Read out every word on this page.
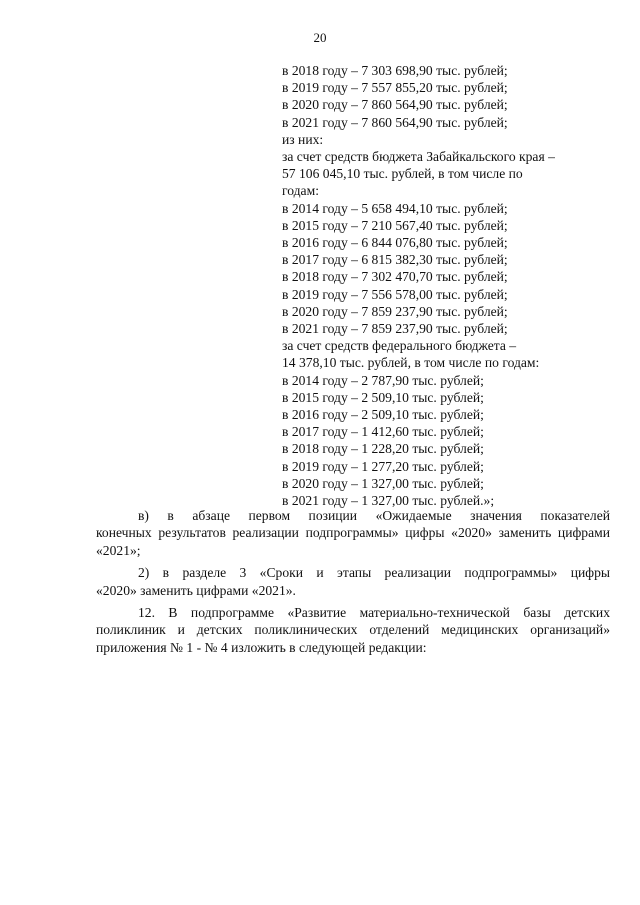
20
в 2018 году – 7 303 698,90 тыс. рублей;
в 2019 году – 7 557 855,20 тыс. рублей;
в 2020 году – 7 860 564,90 тыс. рублей;
в 2021 году – 7 860 564,90 тыс. рублей;
из них:
за счет средств бюджета Забайкальского края –
57 106 045,10 тыс. рублей, в том числе по
годам:
в 2014 году – 5 658 494,10 тыс. рублей;
в 2015 году – 7 210 567,40 тыс. рублей;
в 2016 году – 6 844 076,80 тыс. рублей;
в 2017 году – 6 815 382,30 тыс. рублей;
в 2018 году – 7 302 470,70 тыс. рублей;
в 2019 году – 7 556 578,00 тыс. рублей;
в 2020 году – 7 859 237,90 тыс. рублей;
в 2021 году – 7 859 237,90 тыс. рублей;
за счет средств федерального бюджета –
14 378,10 тыс. рублей, в том числе по годам:
в 2014 году – 2 787,90 тыс. рублей;
в 2015 году – 2 509,10 тыс. рублей;
в 2016 году – 2 509,10 тыс. рублей;
в 2017 году – 1 412,60 тыс. рублей;
в 2018 году – 1 228,20 тыс. рублей;
в 2019 году – 1 277,20 тыс. рублей;
в 2020 году – 1 327,00 тыс. рублей;
в 2021 году – 1 327,00 тыс. рублей.»;
в) в абзаце первом позиции «Ожидаемые значения показателей
конечных результатов реализации подпрограммы» цифры «2020» заменить цифрами «2021»;
2) в разделе 3 «Сроки и этапы реализации подпрограммы» цифры
«2020» заменить цифрами «2021».
12. В подпрограмме «Развитие материально-технической базы детских
поликлиник и детских поликлинических отделений медицинских организаций» приложения № 1 - № 4 изложить в следующей редакции:
